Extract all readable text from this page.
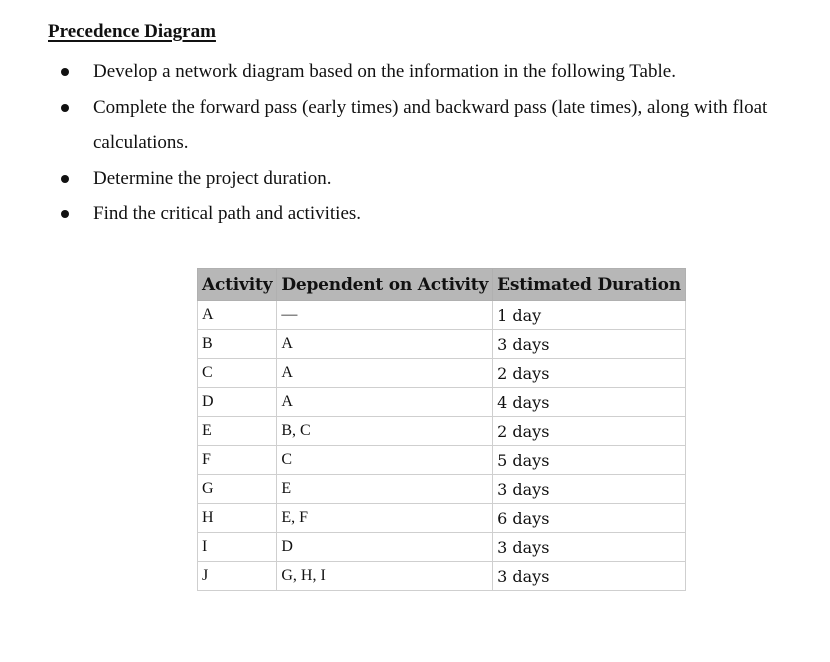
Precedence Diagram
Develop a network diagram based on the information in the following Table.
Complete the forward pass (early times) and backward pass (late times), along with float
calculations.
Determine the project duration.
Find the critical path and activities.
Activity	Dependent on Activity	Estimated Duration
A	—	1 day
B	A	3 days
C	A	2 days
D	A	4 days
E	B, C	2 days
F	C	5 days
G	E	3 days
H	E, F	6 days
I	D	3 days
J	G, H, I	3 days
